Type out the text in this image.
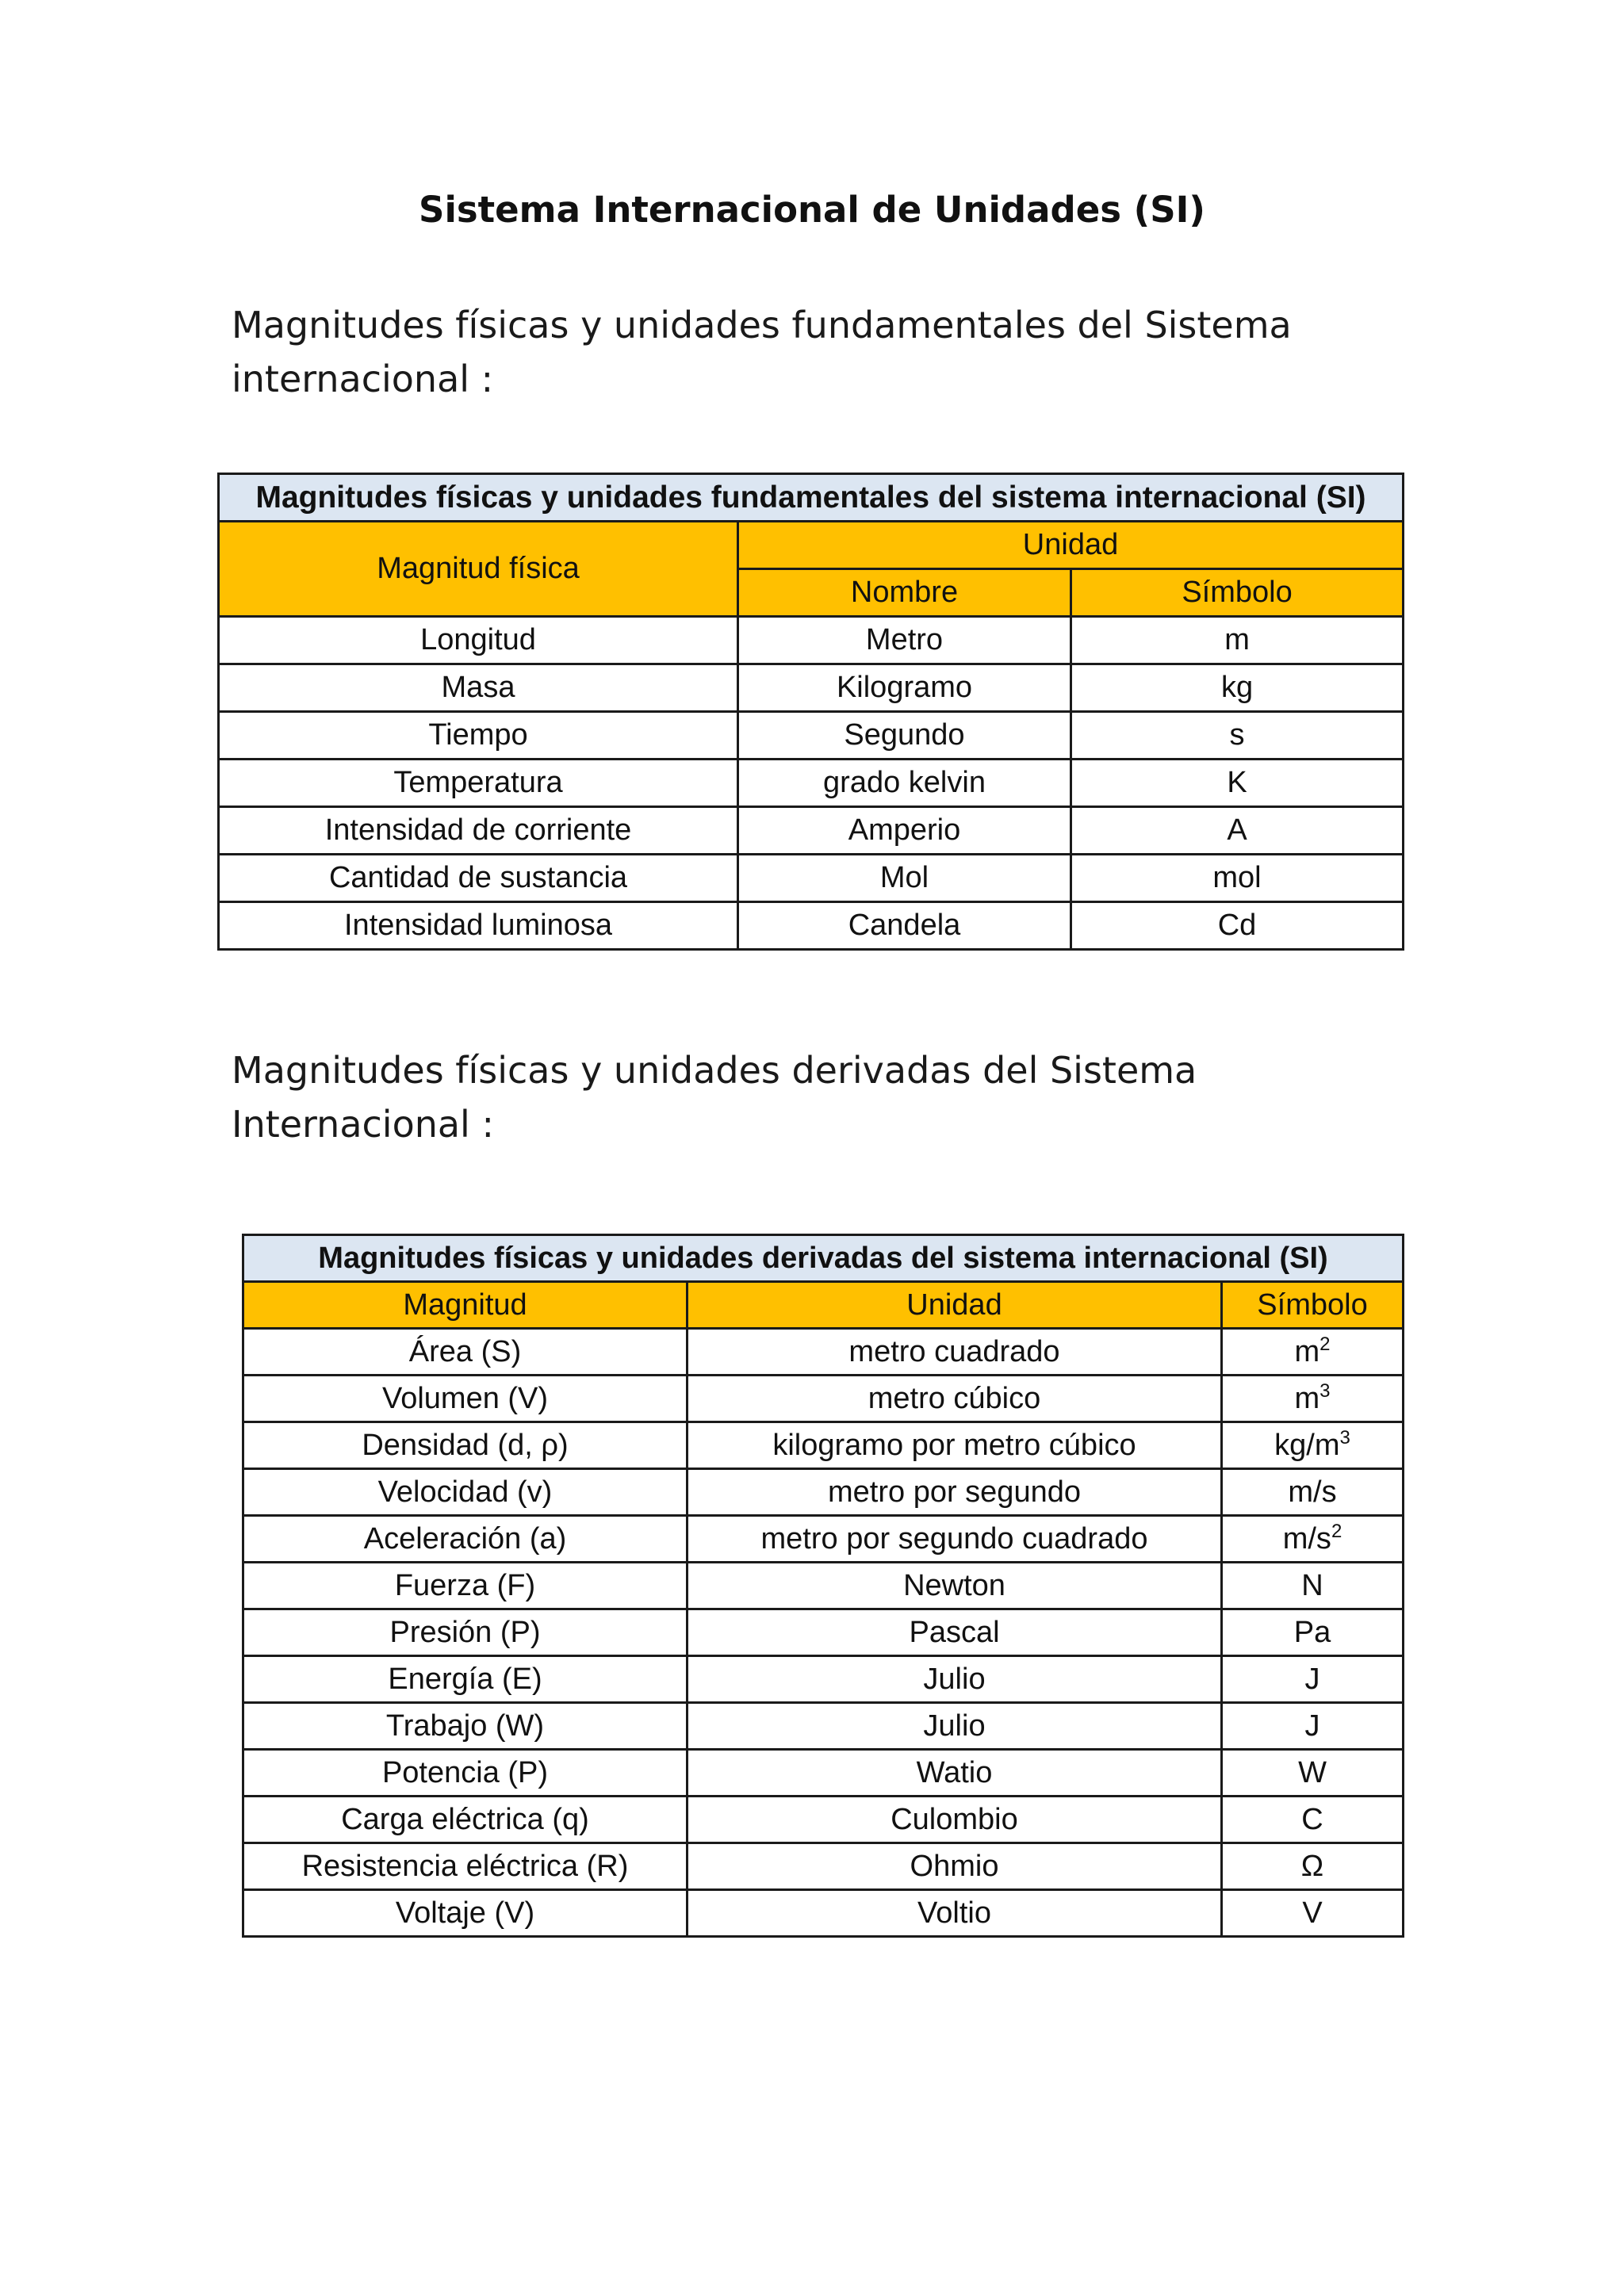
Sistema Internacional de Unidades (SI)
Magnitudes físicas y unidades fundamentales del Sistema internacional :
Magnitudes físicas y unidades fundamentales del sistema internacional (SI)		
Magnitud física	Unidad	
	Nombre	Símbolo
Longitud	Metro	m
Masa	Kilogramo	kg
Tiempo	Segundo	s
Temperatura	grado kelvin	K
Intensidad de corriente	Amperio	A
Cantidad de sustancia	Mol	mol
Intensidad luminosa	Candela	Cd
Magnitudes físicas y unidades derivadas del Sistema Internacional :
Magnitudes físicas y unidades derivadas del sistema internacional (SI)		
Magnitud	Unidad	Símbolo
Área (S)	metro cuadrado	$m^2$
Volumen (V)	metro cúbico	$m^3$
Densidad (d, ρ)	kilogramo por metro cúbico	$kg/m^3$
Velocidad (v)	metro por segundo	m/s
Aceleración (a)	metro por segundo cuadrado	$m/s^2$
Fuerza (F)	Newton	N
Presión (P)	Pascal	Pa
Energía (E)	Julio	J
Trabajo (W)	Julio	J
Potencia (P)	Watio	W
Carga eléctrica (q)	Culombio	C
Resistencia eléctrica (R)	Ohmio	Ω
Voltaje (V)	Voltio	V
